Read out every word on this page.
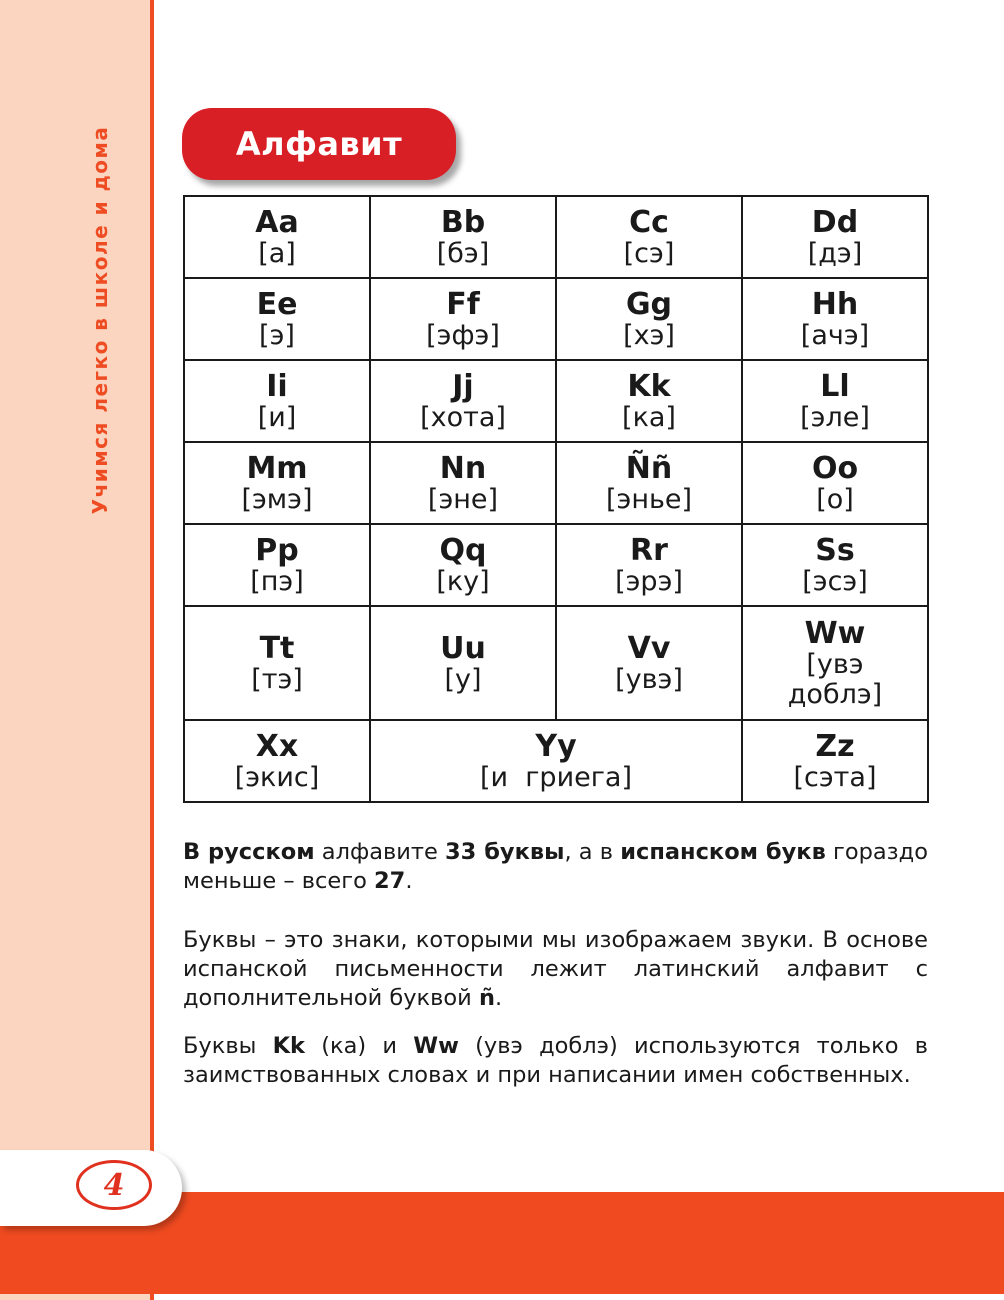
Учимся легко в школе и дома
4
Алфавит
Aa
[а]	Bb
[бэ]	Cc
[сэ]	Dd
[дэ]

Ee
[э]	Ff
[эфэ]	Gg
[хэ]	Hh
[ачэ]

Ii
[и]	Jj
[хота]	Kk
[ка]	Ll
[эле]

Mm
[эмэ]	Nn
[эне]	Ññ
[энье]	Oo
[о]

Pp
[пэ]	Qq
[ку]	Rr
[эрэ]	Ss
[эсэ]

Tt
[тэ]	Uu
[у]	Vv
[увэ]	Ww
[увэ доблэ]

Xx
[экис]	Yy
[и  гриега]		Zz
[сэта]

В русском алфавите 33 буквы, а в испанском букв гораздо меньше – всего 27.

Буквы – это знаки, которыми мы изображаем звуки. В основе испанской письменности лежит латинский алфавит с дополнительной буквой ñ.

Буквы Kk (ка) и Ww (увэ доблэ) используются только в заимствованных словах и при написании имен собственных.
